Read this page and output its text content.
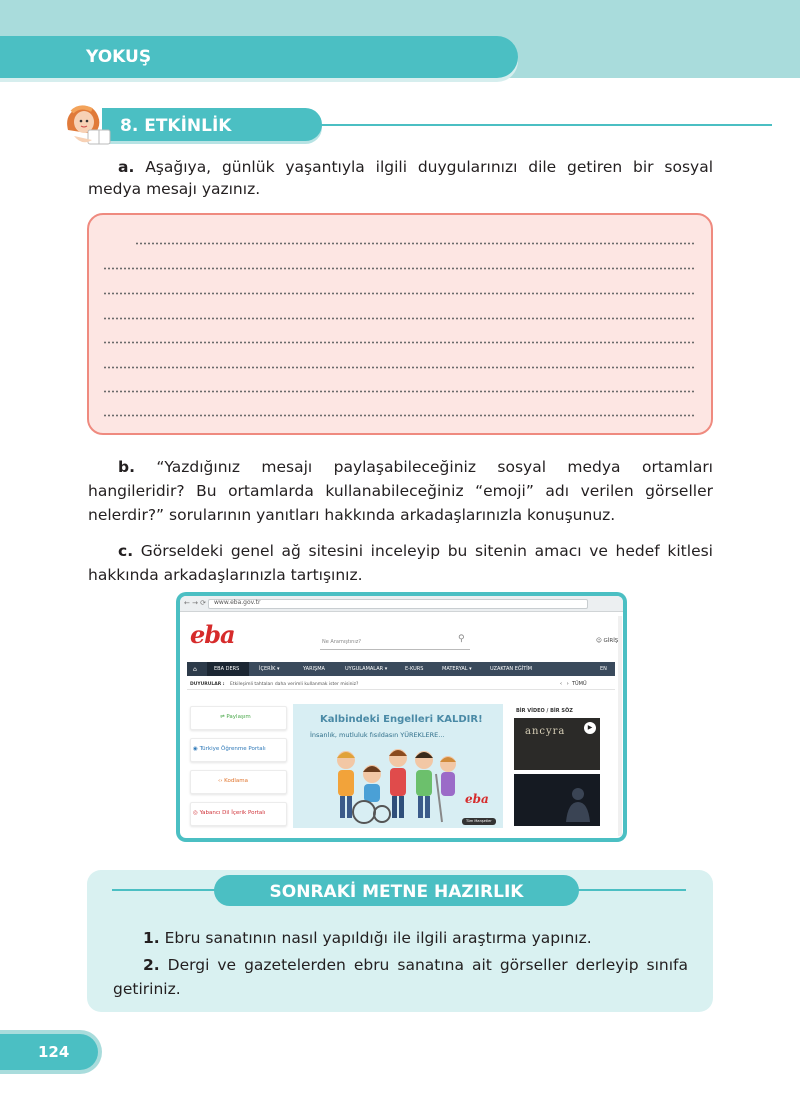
YOKUŞ
8. ETKİNLİK
a. Aşağıya, günlük yaşantıyla ilgili duygularınızı dile getiren bir sosyal medya mesajı yazınız.
b. “Yazdığınız mesajı paylaşabileceğiniz sosyal medya ortamları hangileridir? Bu ortamlarda kullanabileceğiniz “emoji” adı verilen görseller nelerdir?” sorularının yanıtları hakkında arkadaşlarınızla konuşunuz.
c. Görseldeki genel ağ sitesini inceleyip bu sitenin amacı ve hedef kitlesi hakkında arkadaşlarınızla tartışınız.
← → ⟳ www.eba.gov.tr
eba	Ne Aramıştınız?	⚲	☺ GİRİŞ
⌂	EBA DERS	İÇERİK ▾	YARIŞMA	UYGULAMALAR ▾	E-KURS	MATERYAL ▾	UZAKTAN EĞİTİM	EN
DUYURULAR : Etkileşimli tahtaları daha verimli kullanmak ister misiniz?	‹   ›  TÜMÜ
⇌ Paylaşım
◉ Türkiye Öğrenme Portalı
‹› Kodlama
◎ Yabancı Dil İçerik Portalı
Kalbindeki Engelleri KALDIR!
İnsanlık, mutluluk fısıldasın YÜREKLERE...
eba
Tüm Manşetler
BİR VİDEO / BİR SÖZ
ancyra	▶
SONRAKİ METNE HAZIRLIK
1. Ebru sanatının nasıl yapıldığı ile ilgili araştırma yapınız.
2. Dergi ve gazetelerden ebru sanatına ait görseller derleyip sınıfa getiriniz.
124
